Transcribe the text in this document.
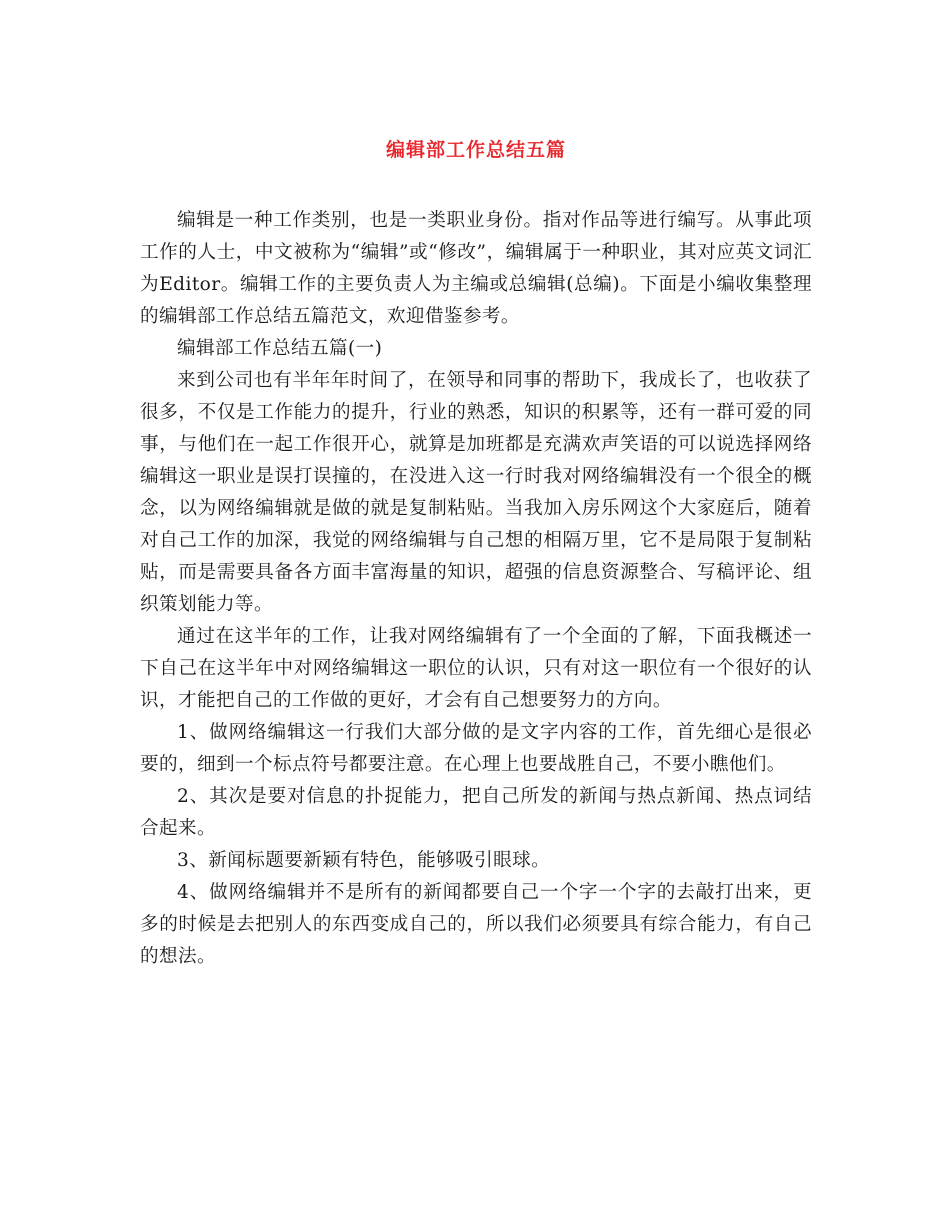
编辑部工作总结五篇

编辑是一种工作类别，也是一类职业身份。指对作品等进行编写。从事此项工作的人士，中文被称为“编辑”或“修改”，编辑属于一种职业，其对应英文词汇为Editor。编辑工作的主要负责人为主编或总编辑(总编)。下面是小编收集整理的编辑部工作总结五篇范文，欢迎借鉴参考。

编辑部工作总结五篇(一)

来到公司也有半年年时间了，在领导和同事的帮助下，我成长了，也收获了很多，不仅是工作能力的提升，行业的熟悉，知识的积累等，还有一群可爱的同事，与他们在一起工作很开心，就算是加班都是充满欢声笑语的可以说选择网络编辑这一职业是误打误撞的，在没进入这一行时我对网络编辑没有一个很全的概念，以为网络编辑就是做的就是复制粘贴。当我加入房乐网这个大家庭后，随着对自己工作的加深，我觉的网络编辑与自己想的相隔万里，它不是局限于复制粘贴，而是需要具备各方面丰富海量的知识，超强的信息资源整合、写稿评论、组织策划能力等。

通过在这半年的工作，让我对网络编辑有了一个全面的了解，下面我概述一下自己在这半年中对网络编辑这一职位的认识，只有对这一职位有一个很好的认识，才能把自己的工作做的更好，才会有自己想要努力的方向。

1、做网络编辑这一行我们大部分做的是文字内容的工作，首先细心是很必要的，细到一个标点符号都要注意。在心理上也要战胜自己，不要小瞧他们。

2、其次是要对信息的扑捉能力，把自己所发的新闻与热点新闻、热点词结合起来。

3、新闻标题要新颖有特色，能够吸引眼球。

4、做网络编辑并不是所有的新闻都要自己一个字一个字的去敲打出来，更多的时候是去把别人的东西变成自己的，所以我们必须要具有综合能力，有自己的想法。
